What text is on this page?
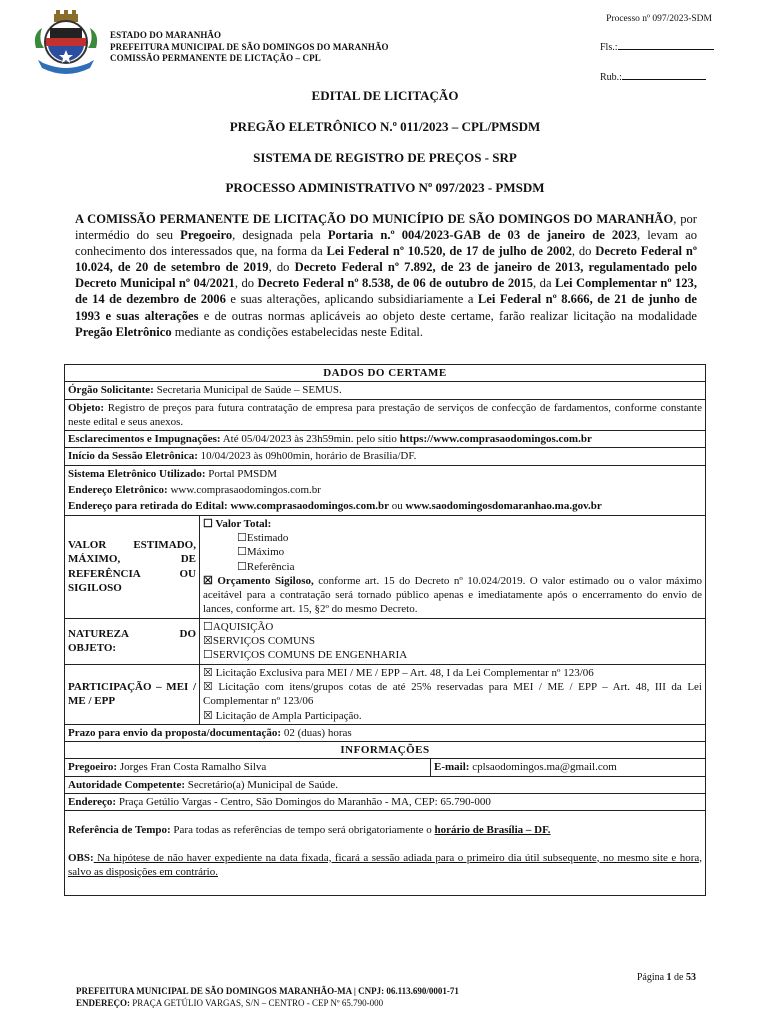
ESTADO DO MARANHÃO
PREFEITURA MUNICIPAL DE SÃO DOMINGOS DO MARANHÃO
COMISSÃO PERMANENTE DE LICTAÇÃO – CPL
Processo nº 097/2023-SDM
Fls.:
Rub.:
EDITAL DE LICITAÇÃO
PREGÃO ELETRÔNICO N.º 011/2023 – CPL/PMSDM
SISTEMA DE REGISTRO DE PREÇOS - SRP
PROCESSO ADMINISTRATIVO Nº 097/2023 - PMSDM
A COMISSÃO PERMANENTE DE LICITAÇÃO DO MUNICÍPIO DE SÃO DOMINGOS DO MARANHÃO, por intermédio do seu Pregoeiro, designada pela Portaria n.º 004/2023-GAB de 03 de janeiro de 2023, levam ao conhecimento dos interessados que, na forma da Lei Federal nº 10.520, de 17 de julho de 2002, do Decreto Federal nº 10.024, de 20 de setembro de 2019, do Decreto Federal nº 7.892, de 23 de janeiro de 2013, regulamentado pelo Decreto Municipal nº 04/2021, do Decreto Federal nº 8.538, de 06 de outubro de 2015, da Lei Complementar nº 123, de 14 de dezembro de 2006 e suas alterações, aplicando subsidiariamente a Lei Federal nº 8.666, de 21 de junho de 1993 e suas alterações e de outras normas aplicáveis ao objeto deste certame, farão realizar licitação na modalidade Pregão Eletrônico mediante as condições estabelecidas neste Edital.
DADOS DO CERTAME
Órgão Solicitante: Secretaria Municipal de Saúde – SEMUS.
Objeto: Registro de preços para futura contratação de empresa para prestação de serviços de confecção de fardamentos, conforme constante neste edital e seus anexos.
Esclarecimentos e Impugnações: Até 05/04/2023 às 23h59min. pelo sítio https://www.comprasaodomingos.com.br
Início da Sessão Eletrônica: 10/04/2023 às 09h00min, horário de Brasília/DF.
Sistema Eletrônico Utilizado: Portal PMSDM
Endereço Eletrônico: www.comprasaodomingos.com.br
Endereço para retirada do Edital: www.comprasaodomingos.com.br ou www.saodomingosdomaranhao.ma.gov.br
VALOR ESTIMADO, MÁXIMO, DE REFERÊNCIA OU SIGILOSO
☐ Valor Total:
☐Estimado
☐Máximo
☐Referência
☒ Orçamento Sigiloso, conforme art. 15 do Decreto nº 10.024/2019. O valor estimado ou o valor máximo aceitável para a contratação será tornado público apenas e imediatamente após o encerramento do envio de lances, conforme art. 15, §2º do mesmo Decreto.
NATUREZA DO OBJETO:
☐AQUISIÇÃO
☒SERVIÇOS COMUNS
☐SERVIÇOS COMUNS DE ENGENHARIA
PARTICIPAÇÃO – MEI / ME / EPP
☒ Licitação Exclusiva para MEI / ME / EPP – Art. 48, I da Lei Complementar nº 123/06
☒ Licitação com itens/grupos cotas de até 25% reservadas para MEI / ME / EPP – Art. 48, III da Lei Complementar nº 123/06
☒ Licitação de Ampla Participação.
Prazo para envio da proposta/documentação: 02 (duas) horas
INFORMAÇÕES
Pregoeiro: Jorges Fran Costa Ramalho Silva	E-mail: cplsaodomingos.ma@gmail.com
Autoridade Competente: Secretário(a) Municipal de Saúde.
Endereço: Praça Getúlio Vargas - Centro, São Domingos do Maranhão - MA, CEP: 65.790-000
Referência de Tempo: Para todas as referências de tempo será obrigatoriamente o horário de Brasília – DF.
OBS: Na hipótese de não haver expediente na data fixada, ficará a sessão adiada para o primeiro dia útil subsequente, no mesmo site e hora, salvo as disposições em contrário.
Página 1 de 53
PREFEITURA MUNICIPAL DE SÃO DOMINGOS MARANHÃO-MA | CNPJ: 06.113.690/0001-71
ENDEREÇO: PRAÇA GETÚLIO VARGAS, S/N – CENTRO - CEP Nº 65.790-000
